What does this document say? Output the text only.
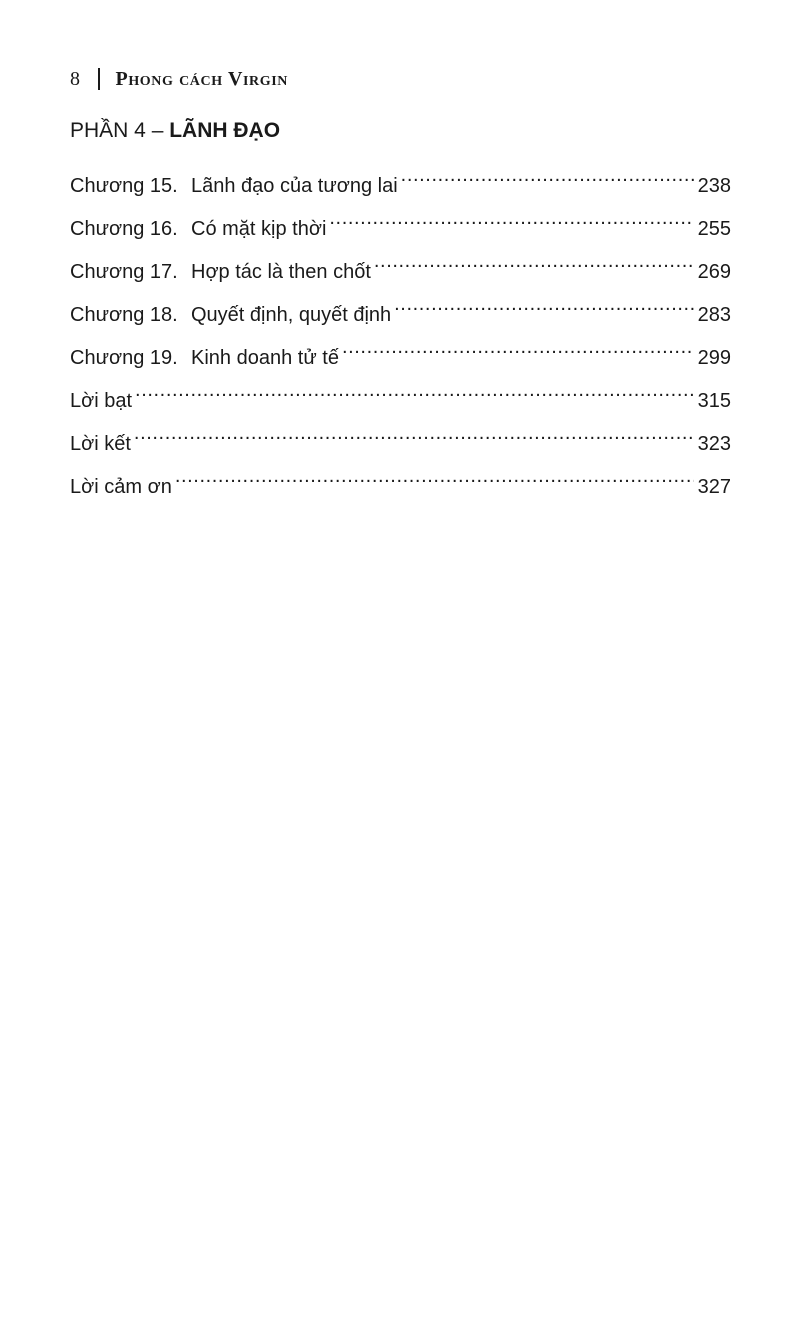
8 Phong cách Virgin
PHẦN 4 – LÃNH ĐẠO
Chương 15. Lãnh đạo của tương lai .....	238
Chương 16. Có mặt kịp thời .....	255
Chương 17. Hợp tác là then chốt .....	269
Chương 18. Quyết định, quyết định .....	283
Chương 19. Kinh doanh tử tế .....	299
Lời bạt .....	315
Lời kết .....	323
Lời cảm ơn .....	327
